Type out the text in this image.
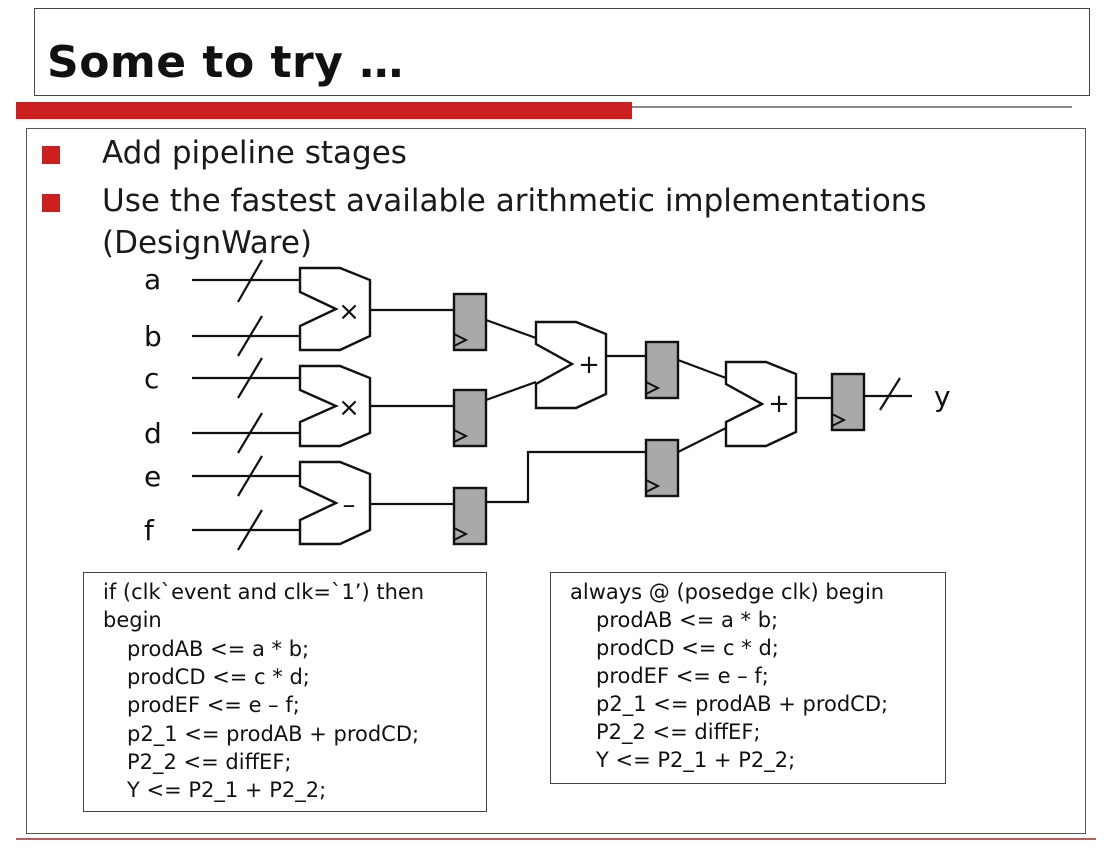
Some to try …
Add pipeline stages
Use the fastest available arithmetic implementations
(DesignWare)
a
b
c
d
e
f
y
×
×
–
+
+
if (clk`event and clk=`1’) then
begin
prodAB <= a * b;
prodCD <= c * d;
prodEF <= e – f;
p2_1 <= prodAB + prodCD;
P2_2 <= diffEF;
Y <= P2_1 + P2_2;
always @ (posedge clk) begin
prodAB <= a * b;
prodCD <= c * d;
prodEF <= e – f;
p2_1 <= prodAB + prodCD;
P2_2 <= diffEF;
Y <= P2_1 + P2_2;
